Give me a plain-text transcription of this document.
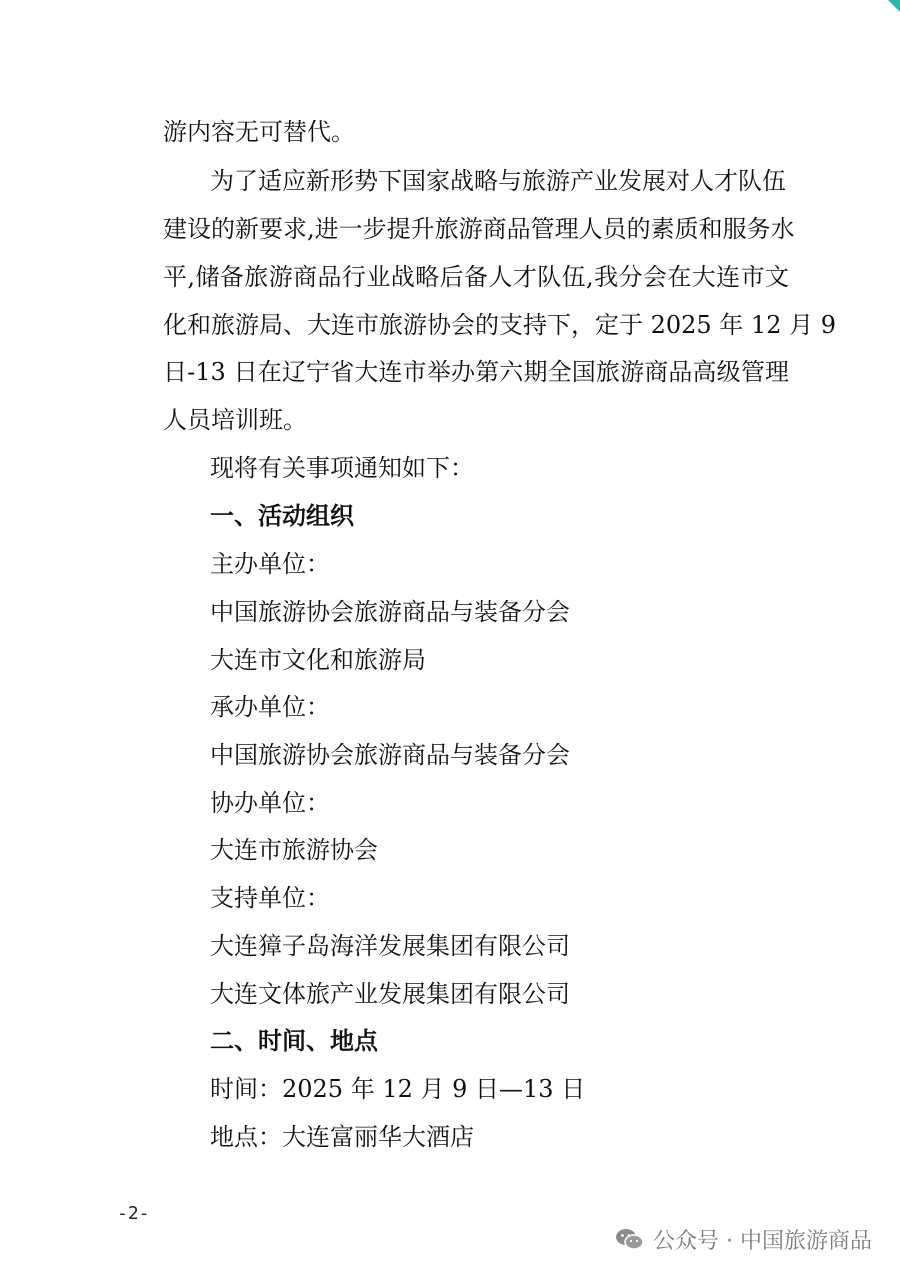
游内容无可替代。
为了适应新形势下国家战略与旅游产业发展对人才队伍
建设的新要求,进一步提升旅游商品管理人员的素质和服务水
平,储备旅游商品行业战略后备人才队伍,我分会在大连市文
化和旅游局、大连市旅游协会的支持下，定于 2025 年 12 月 9
日-13 日在辽宁省大连市举办第六期全国旅游商品高级管理
人员培训班。
现将有关事项通知如下：
一、活动组织
主办单位：
中国旅游协会旅游商品与装备分会
大连市文化和旅游局
承办单位：
中国旅游协会旅游商品与装备分会
协办单位：
大连市旅游协会
支持单位：
大连獐子岛海洋发展集团有限公司
大连文体旅产业发展集团有限公司
二、时间、地点
时间：2025 年 12 月 9 日—13 日
地点：大连富丽华大酒店
-2-
公众号 · 中国旅游商品
